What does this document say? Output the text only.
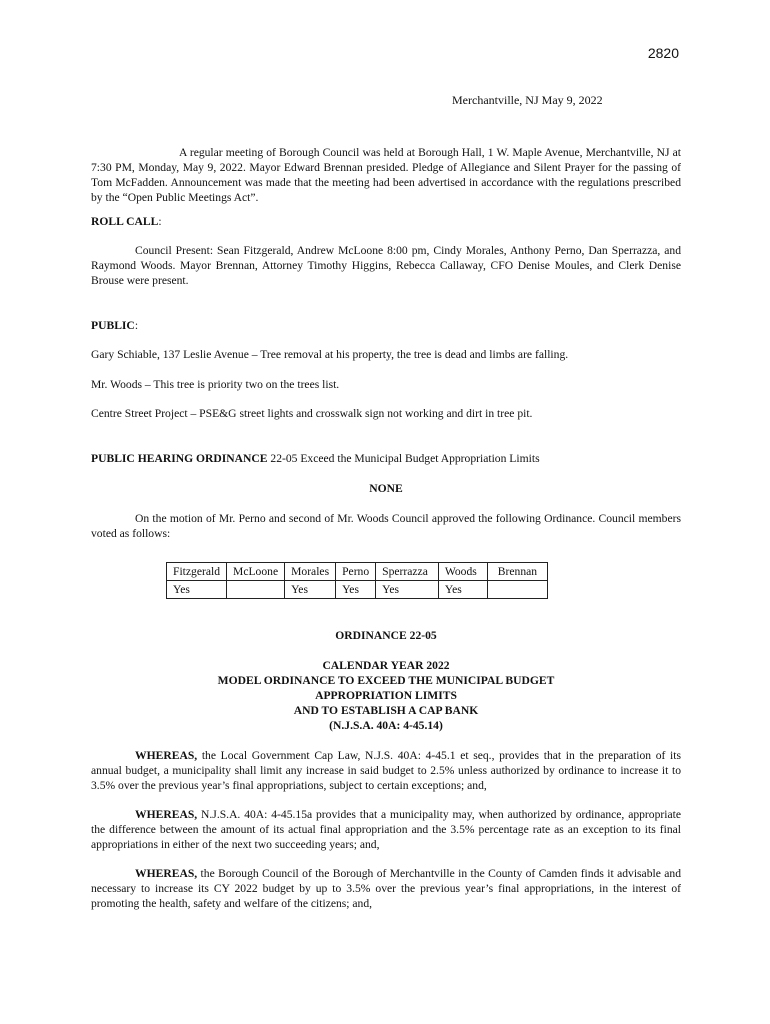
2820
Merchantville, NJ May 9, 2022
A regular meeting of Borough Council was held at Borough Hall, 1 W. Maple Avenue, Merchantville, NJ at 7:30 PM, Monday, May 9, 2022. Mayor Edward Brennan presided. Pledge of Allegiance and Silent Prayer for the passing of Tom McFadden. Announcement was made that the meeting had been advertised in accordance with the regulations prescribed by the “Open Public Meetings Act”.
ROLL CALL:
Council Present: Sean Fitzgerald, Andrew McLoone 8:00 pm, Cindy Morales, Anthony Perno, Dan Sperrazza, and Raymond Woods. Mayor Brennan, Attorney Timothy Higgins, Rebecca Callaway, CFO Denise Moules, and Clerk Denise Brouse were present.
PUBLIC:
Gary Schiable, 137 Leslie Avenue – Tree removal at his property, the tree is dead and limbs are falling.
Mr. Woods – This tree is priority two on the trees list.
Centre Street Project – PSE&G street lights and crosswalk sign not working and dirt in tree pit.
PUBLIC HEARING ORDINANCE 22-05 Exceed the Municipal Budget Appropriation Limits
NONE
On the motion of Mr. Perno and second of Mr. Woods Council approved the following Ordinance. Council members voted as follows:
Fitzgerald	McLoone	Morales	Perno	Sperrazza	Woods	Brennan
Yes		Yes	Yes	Yes	Yes	
ORDINANCE 22-05
CALENDAR YEAR 2022
MODEL ORDINANCE TO EXCEED THE MUNICIPAL BUDGET
APPROPRIATION LIMITS
AND TO ESTABLISH A CAP BANK
(N.J.S.A. 40A: 4-45.14)
WHEREAS, the Local Government Cap Law, N.J.S. 40A: 4-45.1 et seq., provides that in the preparation of its annual budget, a municipality shall limit any increase in said budget to 2.5% unless authorized by ordinance to increase it to 3.5% over the previous year’s final appropriations, subject to certain exceptions; and,
WHEREAS, N.J.S.A. 40A: 4-45.15a provides that a municipality may, when authorized by ordinance, appropriate the difference between the amount of its actual final appropriation and the 3.5% percentage rate as an exception to its final appropriations in either of the next two succeeding years; and,
WHEREAS, the Borough Council of the Borough of Merchantville in the County of Camden finds it advisable and necessary to increase its CY 2022 budget by up to 3.5% over the previous year’s final appropriations, in the interest of promoting the health, safety and welfare of the citizens; and,
